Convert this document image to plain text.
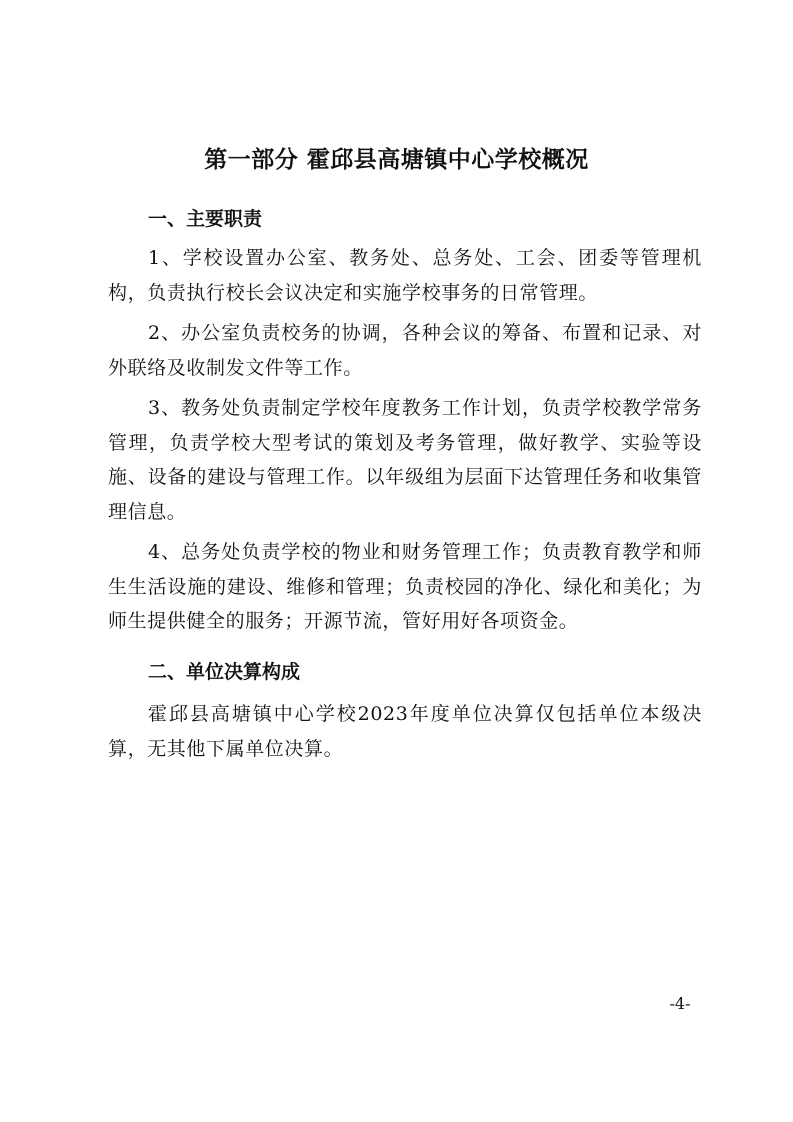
第一部分 霍邱县高塘镇中心学校概况
一、主要职责

1、学校设置办公室、教务处、总务处、工会、团委等管理机构，负责执行校长会议决定和实施学校事务的日常管理。

2、办公室负责校务的协调，各种会议的筹备、布置和记录、对外联络及收制发文件等工作。

3、教务处负责制定学校年度教务工作计划，负责学校教学常务管理，负责学校大型考试的策划及考务管理，做好教学、实验等设施、设备的建设与管理工作。以年级组为层面下达管理任务和收集管理信息。

4、总务处负责学校的物业和财务管理工作；负责教育教学和师生生活设施的建设、维修和管理；负责校园的净化、绿化和美化；为师生提供健全的服务；开源节流，管好用好各项资金。

二、单位决算构成

霍邱县高塘镇中心学校2023年度单位决算仅包括单位本级决算，无其他下属单位决算。

-4-
